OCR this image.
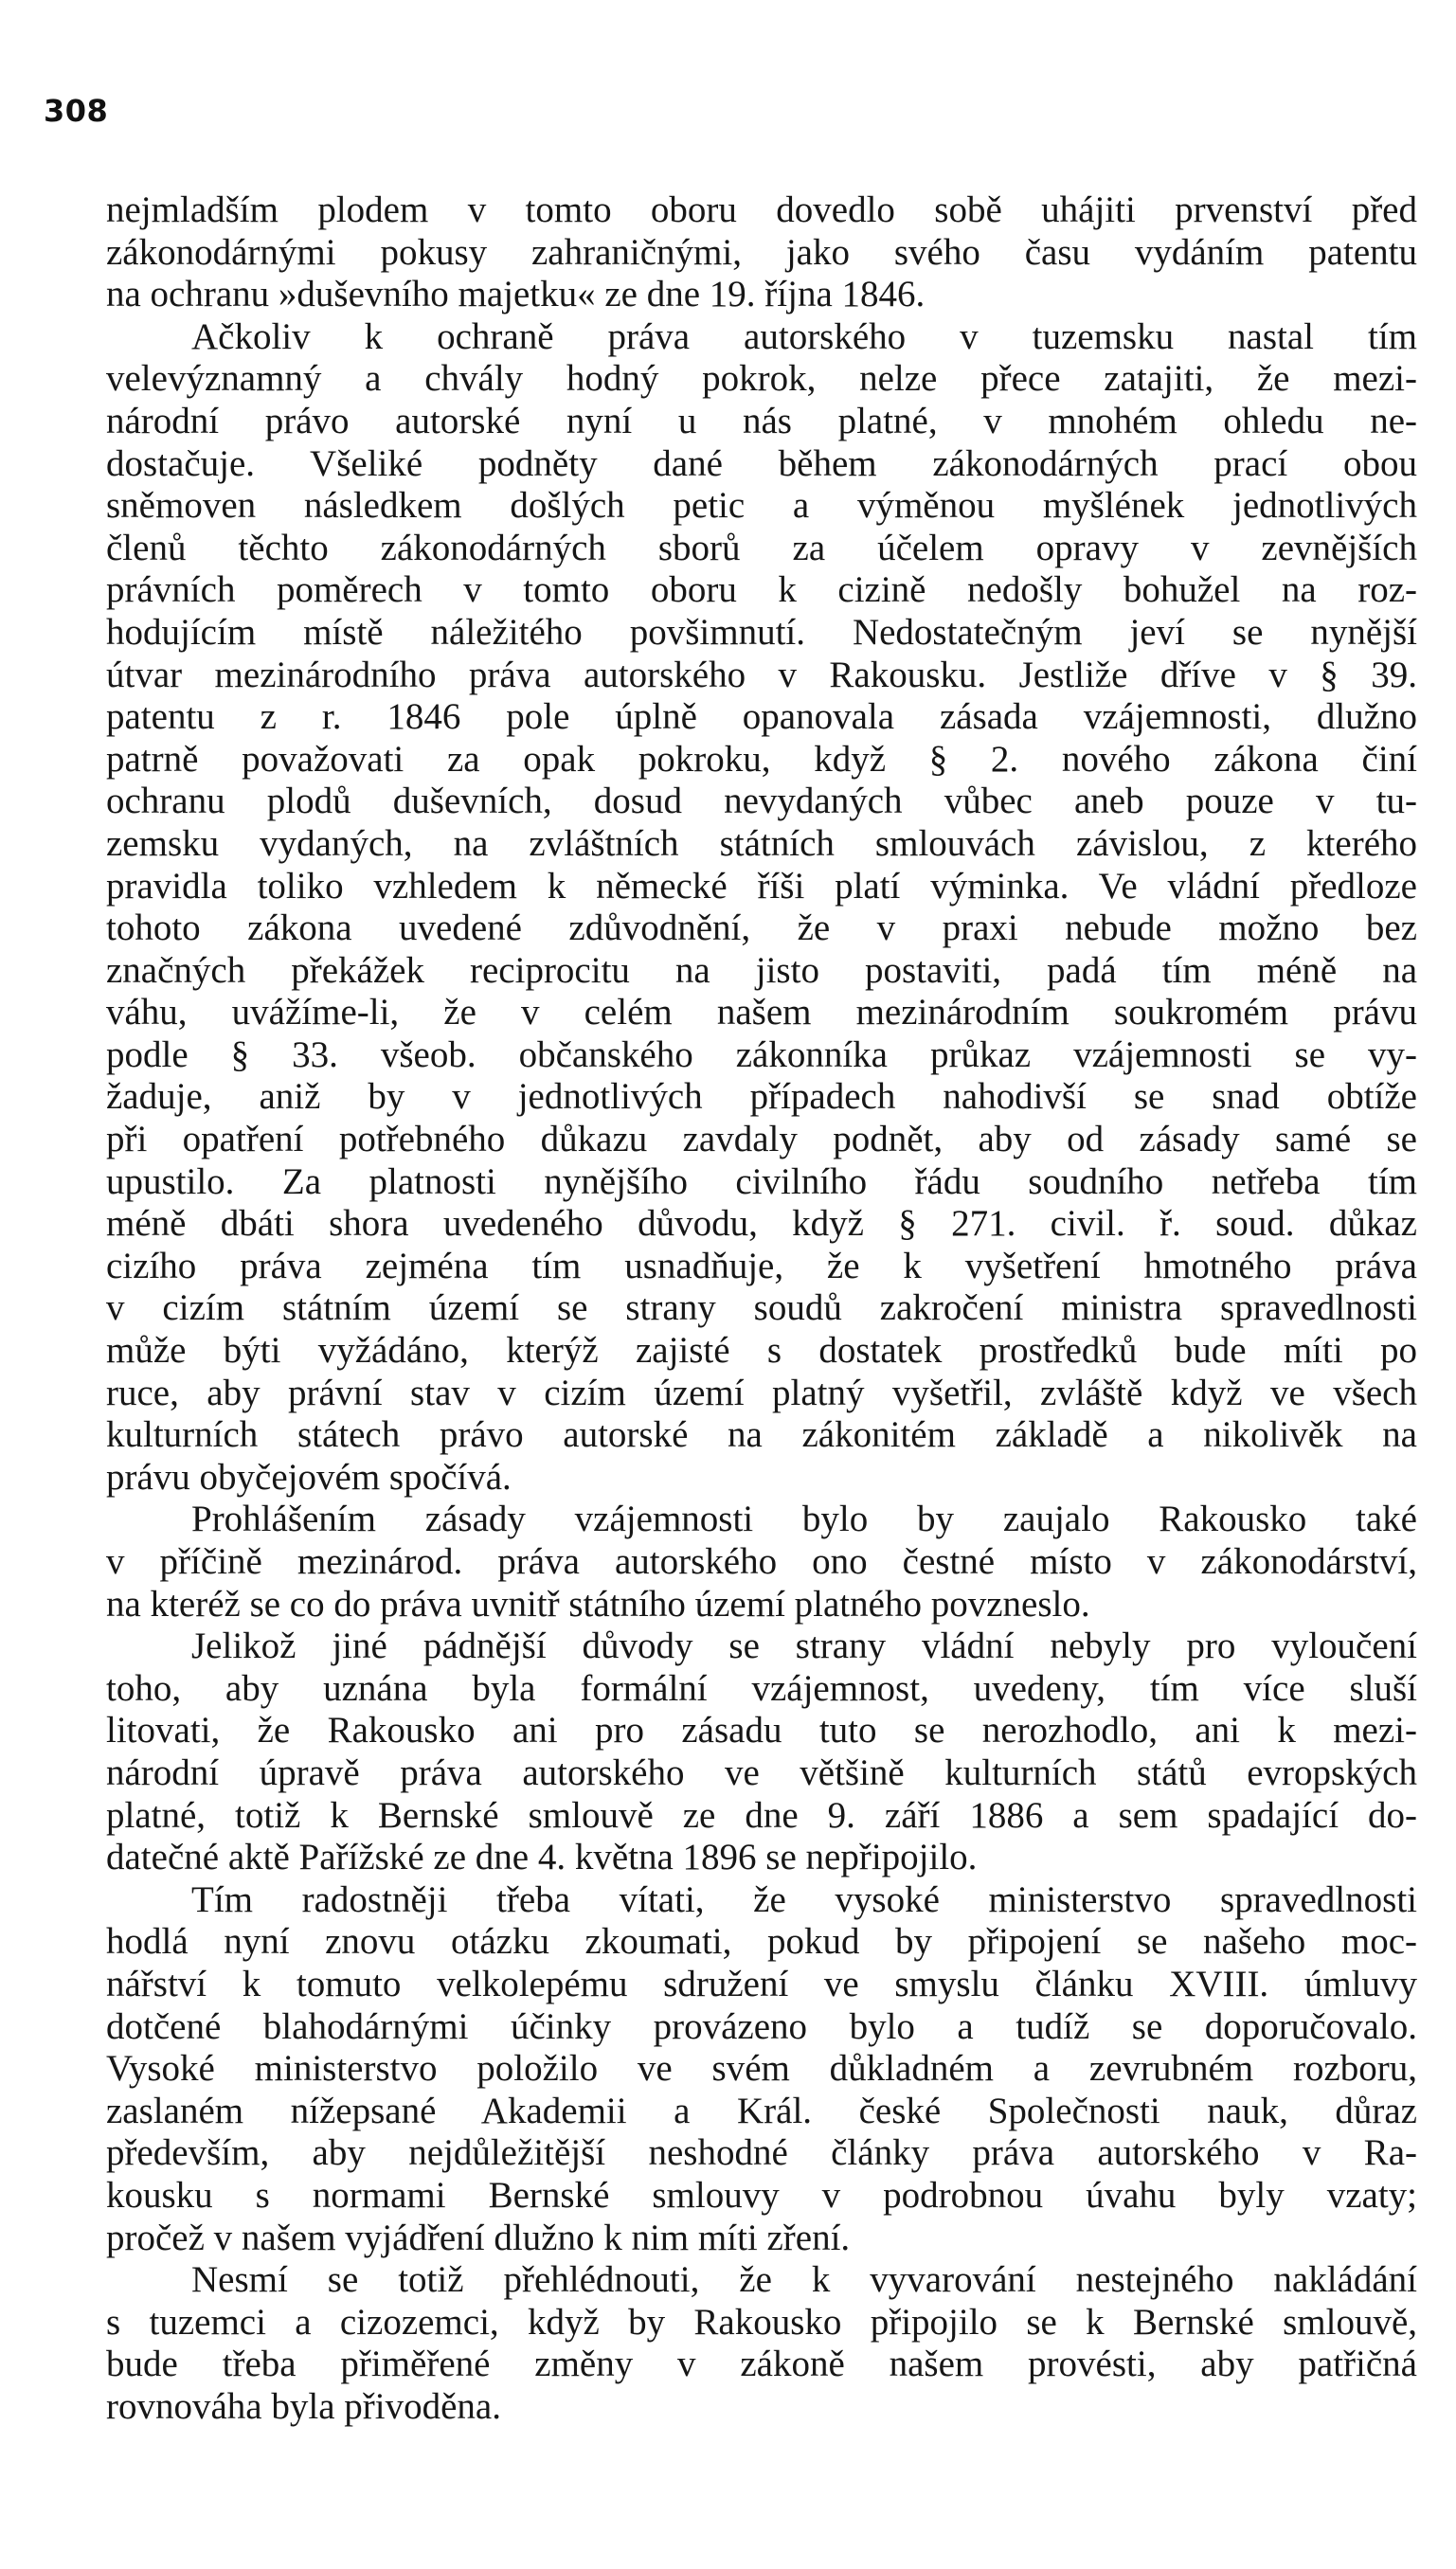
308
nejmladším plodem v tomto oboru dovedlo sobě uhájiti prvenství před
zákonodárnými pokusy zahraničnými, jako svého času vydáním patentu
na ochranu »duševního majetku« ze dne 19. října 1846.
Ačkoliv k ochraně práva autorského v tuzemsku nastal tím
velevýznamný a chvály hodný pokrok, nelze přece zatajiti, že mezi-
národní právo autorské nyní u nás platné, v mnohém ohledu ne-
dostačuje. Všeliké podněty dané během zákonodárných prací obou
sněmoven následkem došlých petic a výměnou myšlének jednotlivých
členů těchto zákonodárných sborů za účelem opravy v zevnějších
právních poměrech v tomto oboru k cizině nedošly bohužel na roz-
hodujícím místě náležitého povšimnutí. Nedostatečným jeví se nynější
útvar mezinárodního práva autorského v Rakousku. Jestliže dříve v § 39.
patentu z r. 1846 pole úplně opanovala zásada vzájemnosti, dlužno
patrně považovati za opak pokroku, když § 2. nového zákona činí
ochranu plodů duševních, dosud nevydaných vůbec aneb pouze v tu-
zemsku vydaných, na zvláštních státních smlouvách závislou, z kterého
pravidla toliko vzhledem k německé říši platí výminka. Ve vládní předloze
tohoto zákona uvedené zdůvodnění, že v praxi nebude možno bez
značných překážek reciprocitu na jisto postaviti, padá tím méně na
váhu, uvážíme-li, že v celém našem mezinárodním soukromém právu
podle § 33. všeob. občanského zákonníka průkaz vzájemnosti se vy-
žaduje, aniž by v jednotlivých případech nahodivší se snad obtíže
při opatření potřebného důkazu zavdaly podnět, aby od zásady samé se
upustilo. Za platnosti nynějšího civilního řádu soudního netřeba tím
méně dbáti shora uvedeného důvodu, když § 271. civil. ř. soud. důkaz
cizího práva zejména tím usnadňuje, že k vyšetření hmotného práva
v cizím státním území se strany soudů zakročení ministra spravedlnosti
může býti vyžádáno, kterýž zajisté s dostatek prostředků bude míti po
ruce, aby právní stav v cizím území platný vyšetřil, zvláště když ve všech
kulturních státech právo autorské na zákonitém základě a nikolivěk na
právu obyčejovém spočívá.
Prohlášením zásady vzájemnosti bylo by zaujalo Rakousko také
v příčině mezinárod. práva autorského ono čestné místo v zákonodárství,
na kteréž se co do práva uvnitř státního území platného povzneslo.
Jelikož jiné pádnější důvody se strany vládní nebyly pro vyloučení
toho, aby uznána byla formální vzájemnost, uvedeny, tím více sluší
litovati, že Rakousko ani pro zásadu tuto se nerozhodlo, ani k mezi-
národní úpravě práva autorského ve většině kulturních států evropských
platné, totiž k Bernské smlouvě ze dne 9. září 1886 a sem spadající do-
datečné aktě Pařížské ze dne 4. května 1896 se nepřipojilo.
Tím radostněji třeba vítati, že vysoké ministerstvo spravedlnosti
hodlá nyní znovu otázku zkoumati, pokud by připojení se našeho moc-
nářství k tomuto velkolepému sdružení ve smyslu článku XVIII. úmluvy
dotčené blahodárnými účinky provázeno bylo a tudíž se doporučovalo.
Vysoké ministerstvo položilo ve svém důkladném a zevrubném rozboru,
zaslaném nížepsané Akademii a Král. české Společnosti nauk, důraz
především, aby nejdůležitější neshodné články práva autorského v Ra-
kousku s normami Bernské smlouvy v podrobnou úvahu byly vzaty;
pročež v našem vyjádření dlužno k nim míti zření.
Nesmí se totiž přehlédnouti, že k vyvarování nestejného nakládání
s tuzemci a cizozemci, když by Rakousko připojilo se k Bernské smlouvě,
bude třeba přiměřené změny v zákoně našem provésti, aby patřičná
rovnováha byla přivoděna.
